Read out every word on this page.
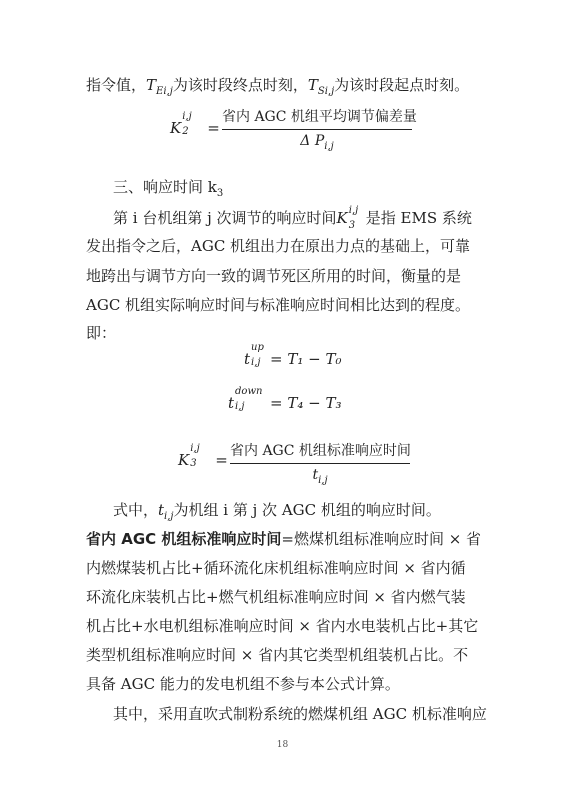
指令值，$T_{Ei,j}$为该时段终点时刻，$T_{Si,j}$为该时段起点时刻。
K
i,j
2 =
省内 AGC 机组平均调节偏差量
Δ $P_{i,j}$
三、响应时间 $k_3$
第 i 台机组第 j 次调节的响应时间K i,j
3 是指 EMS 系统
发出指令之后，AGC 机组出力在原出力点的基础上，可靠
地跨出与调节方向一致的调节死区所用的时间，衡量的是
AGC 机组实际响应时间与标准响应时间相比达到的程度。
即：
t
up
i,j = T₁ − T₀
t
down
i,j = T₄ − T₃
K
i,j
3 = 省内 AGC 机组标准响应时间
$t_{i,j}$
式中，$t_{i,j}$为机组 i 第 j 次 AGC 机组的响应时间。
省内 AGC 机组标准响应时间=燃煤机组标准响应时间 × 省
内燃煤装机占比+循环流化床机组标准响应时间 × 省内循
环流化床装机占比+燃气机组标准响应时间 × 省内燃气装
机占比+水电机组标准响应时间 × 省内水电装机占比+其它
类型机组标准响应时间 × 省内其它类型机组装机占比。不
具备 AGC 能力的发电机组不参与本公式计算。
其中，采用直吹式制粉系统的燃煤机组 AGC 机标准响应
18
